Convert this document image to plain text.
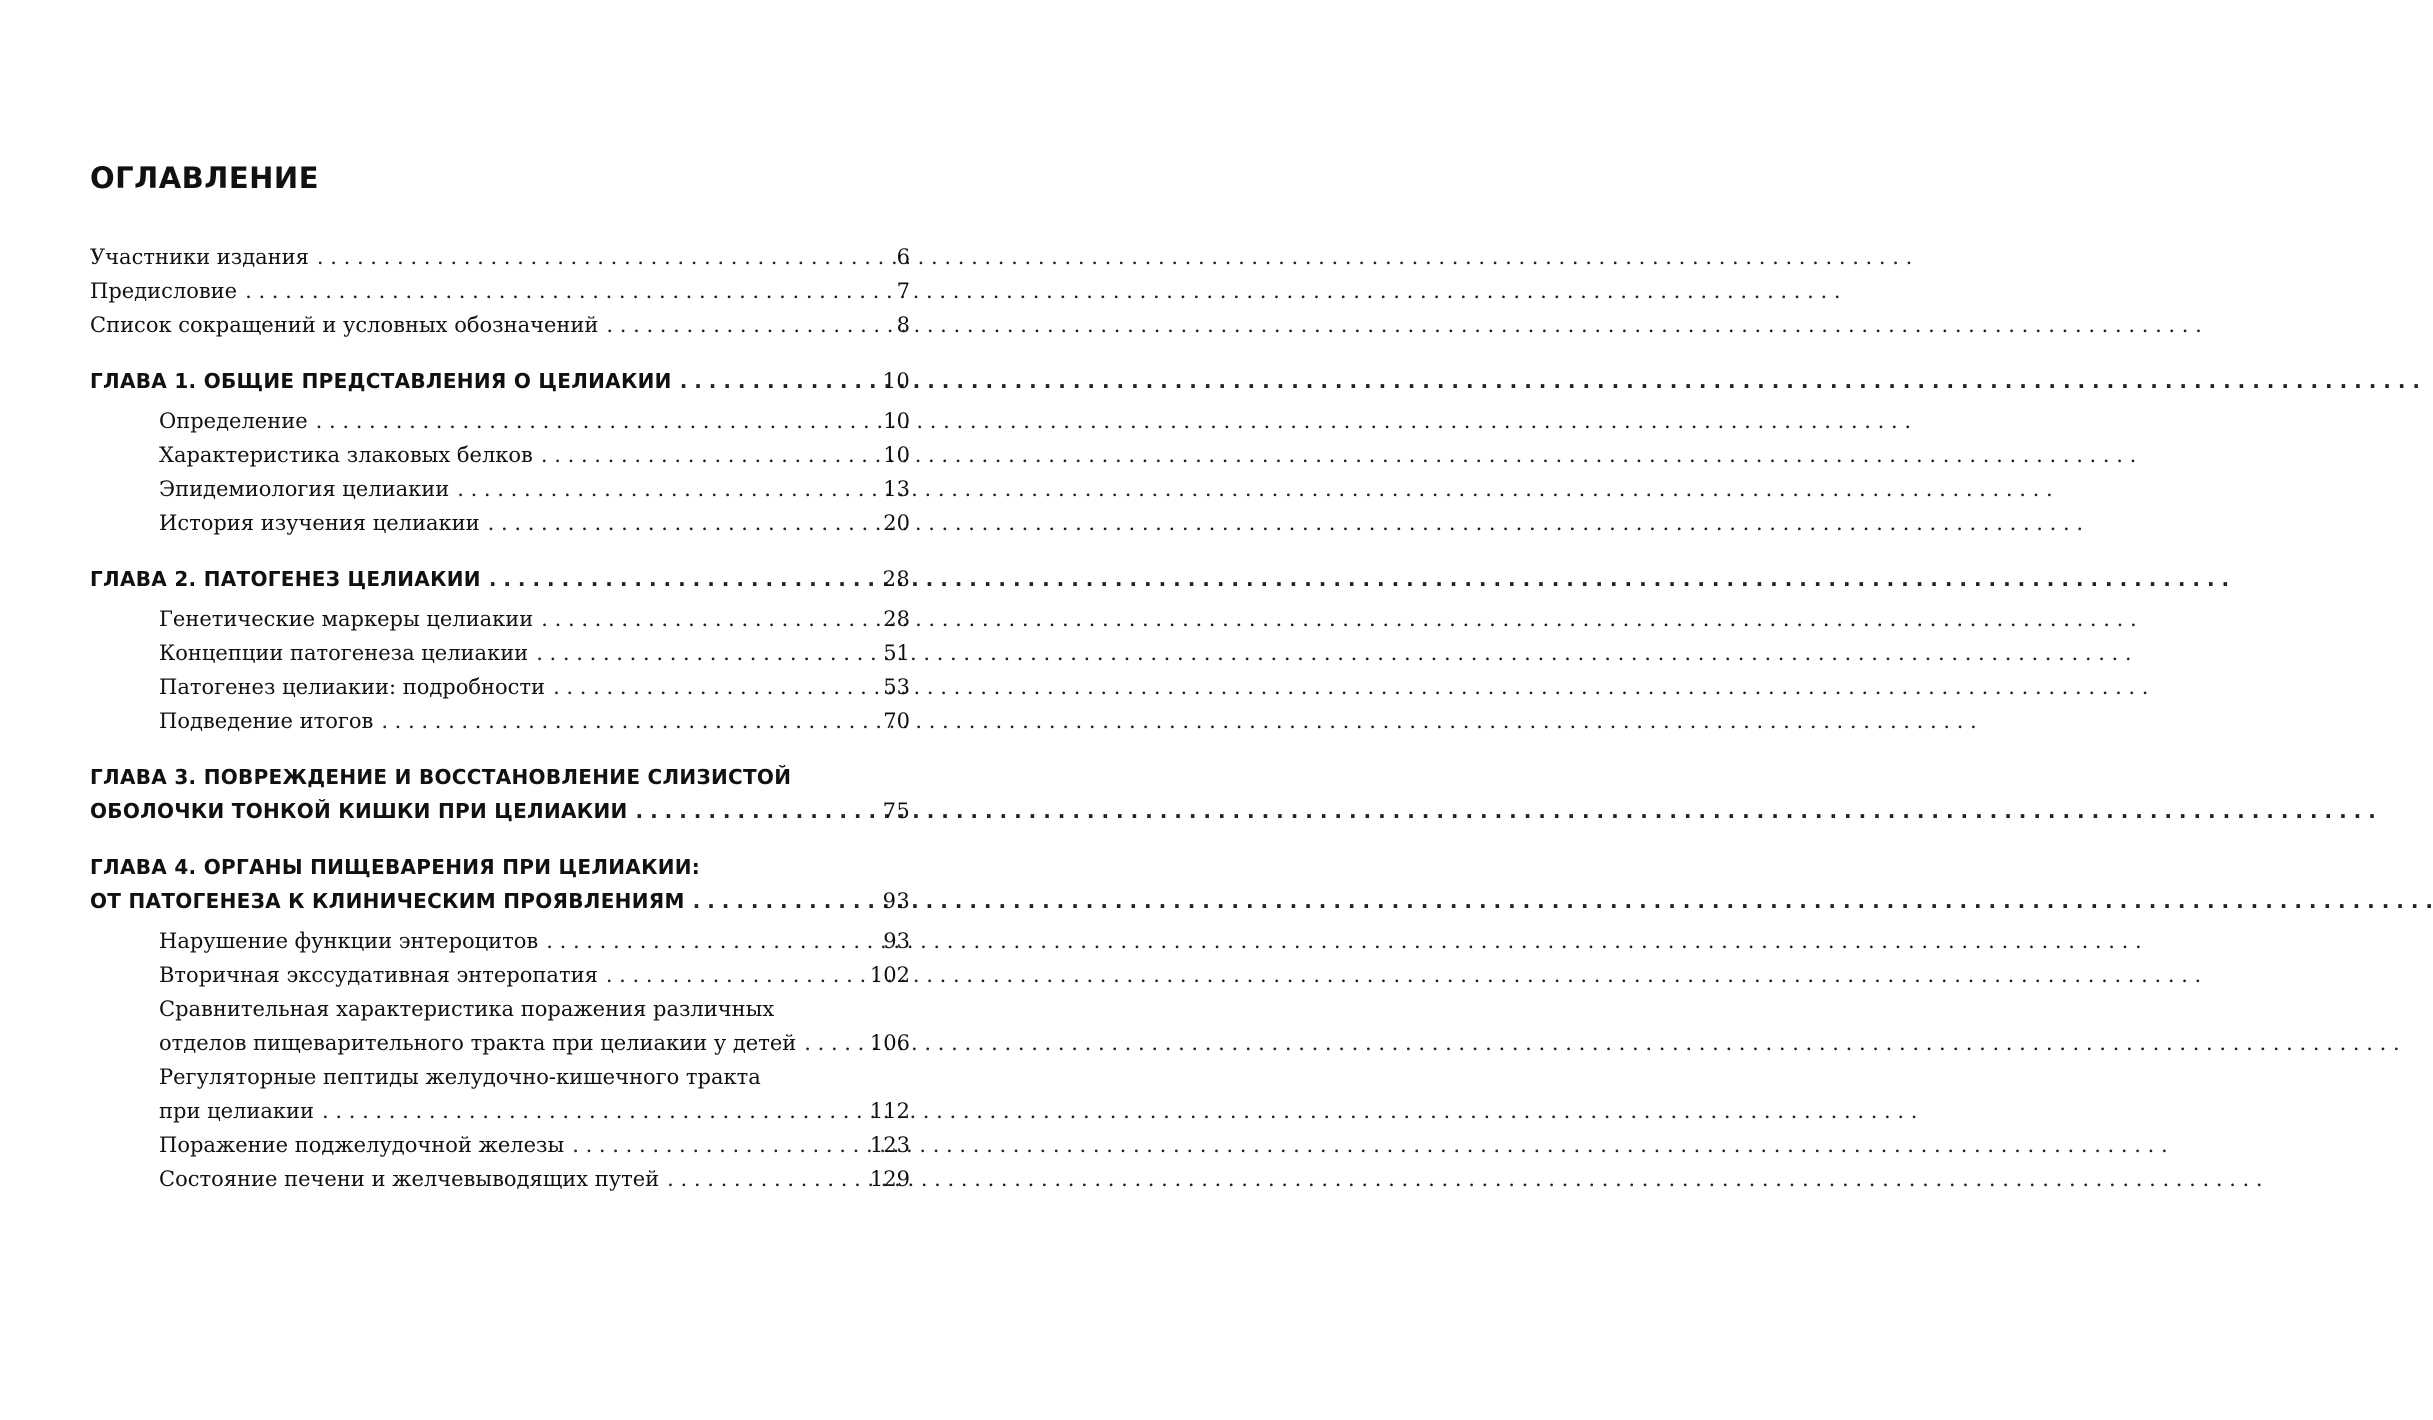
ОГЛАВЛЕНИЕ
Участники издания . . .	6
Предисловие . . .	7
Список сокращений и условных обозначений . . .	8
ГЛАВА 1. ОБЩИЕ ПРЕДСТАВЛЕНИЯ О ЦЕЛИАКИИ . . .	10
Определение . . .	10
Характеристика злаковых белков . . .	10
Эпидемиология целиакии . . .	13
История изучения целиакии . . .	20
ГЛАВА 2. ПАТОГЕНЕЗ ЦЕЛИАКИИ . . .	28
Генетические маркеры целиакии . . .	28
Концепции патогенеза целиакии . . .	51
Патогенез целиакии: подробности . . .	53
Подведение итогов . . .	70
ГЛАВА 3. ПОВРЕЖДЕНИЕ И ВОССТАНОВЛЕНИЕ СЛИЗИСТОЙ
ОБОЛОЧКИ ТОНКОЙ КИШКИ ПРИ ЦЕЛИАКИИ . . .	75
ГЛАВА 4. ОРГАНЫ ПИЩЕВАРЕНИЯ ПРИ ЦЕЛИАКИИ:
ОТ ПАТОГЕНЕЗА К КЛИНИЧЕСКИМ ПРОЯВЛЕНИЯМ . . .	93
Нарушение функции энтероцитов . . .	93
Вторичная экссудативная энтеропатия . . .	102
Сравнительная характеристика поражения различных
отделов пищеварительного тракта при целиакии у детей . . .	106
Регуляторные пептиды желудочно-кишечного тракта
при целиакии . . .	112
Поражение поджелудочной железы . . .	123
Состояние печени и желчевыводящих путей . . .	129
